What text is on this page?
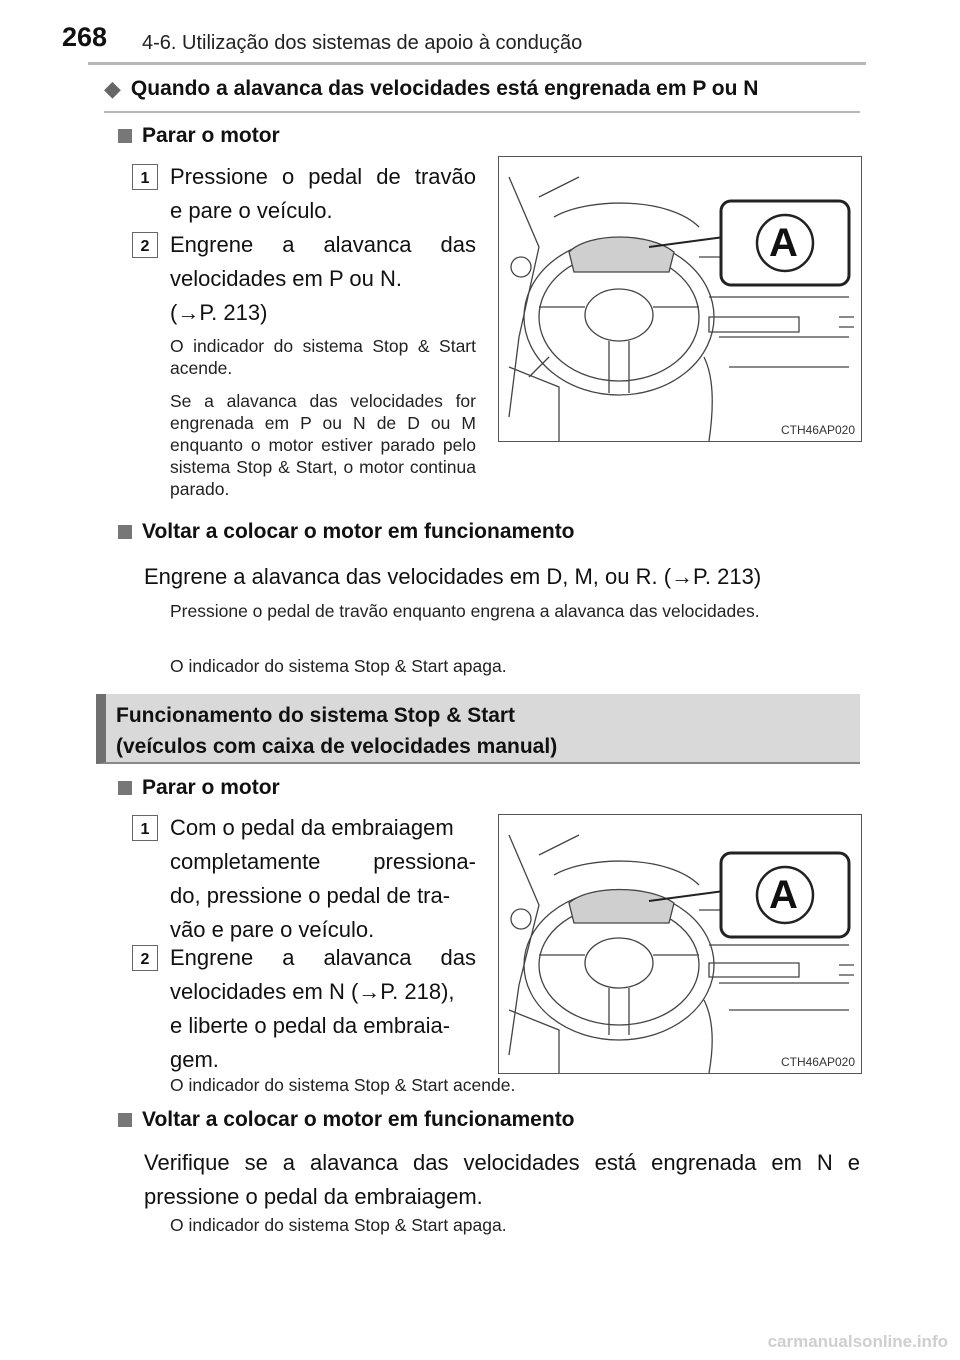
268 4-6. Utilização dos sistemas de apoio à condução
◆ Quando a alavanca das velocidades está engrenada em P ou N
Parar o motor
1 Pressione o pedal de travão
e pare o veículo.
2 Engrene a alavanca das
velocidades em P ou N.
(→P. 213)
O indicador do sistema Stop & Start acende.
Se a alavanca das velocidades for engrenada em P ou N de D ou M enquanto o motor estiver parado pelo sistema Stop & Start, o motor continua parado.
A
CTH46AP020
Voltar a colocar o motor em funcionamento
Engrene a alavanca das velocidades em D, M, ou R. (→P. 213)
Pressione o pedal de travão enquanto engrena a alavanca das velocidades.
O indicador do sistema Stop & Start apaga.
Funcionamento do sistema Stop & Start
(veículos com caixa de velocidades manual)
Parar o motor
1 Com o pedal da embraiagem
completamente pressiona-
do, pressione o pedal de tra-
vão e pare o veículo.
2 Engrene a alavanca das
velocidades em N (→P. 218),
e liberte o pedal da embraia-
gem.
O indicador do sistema Stop & Start acende.
A
CTH46AP020
Voltar a colocar o motor em funcionamento
Verifique se a alavanca das velocidades está engrenada em N e
pressione o pedal da embraiagem.
O indicador do sistema Stop & Start apaga.
carmanualsonline.info
